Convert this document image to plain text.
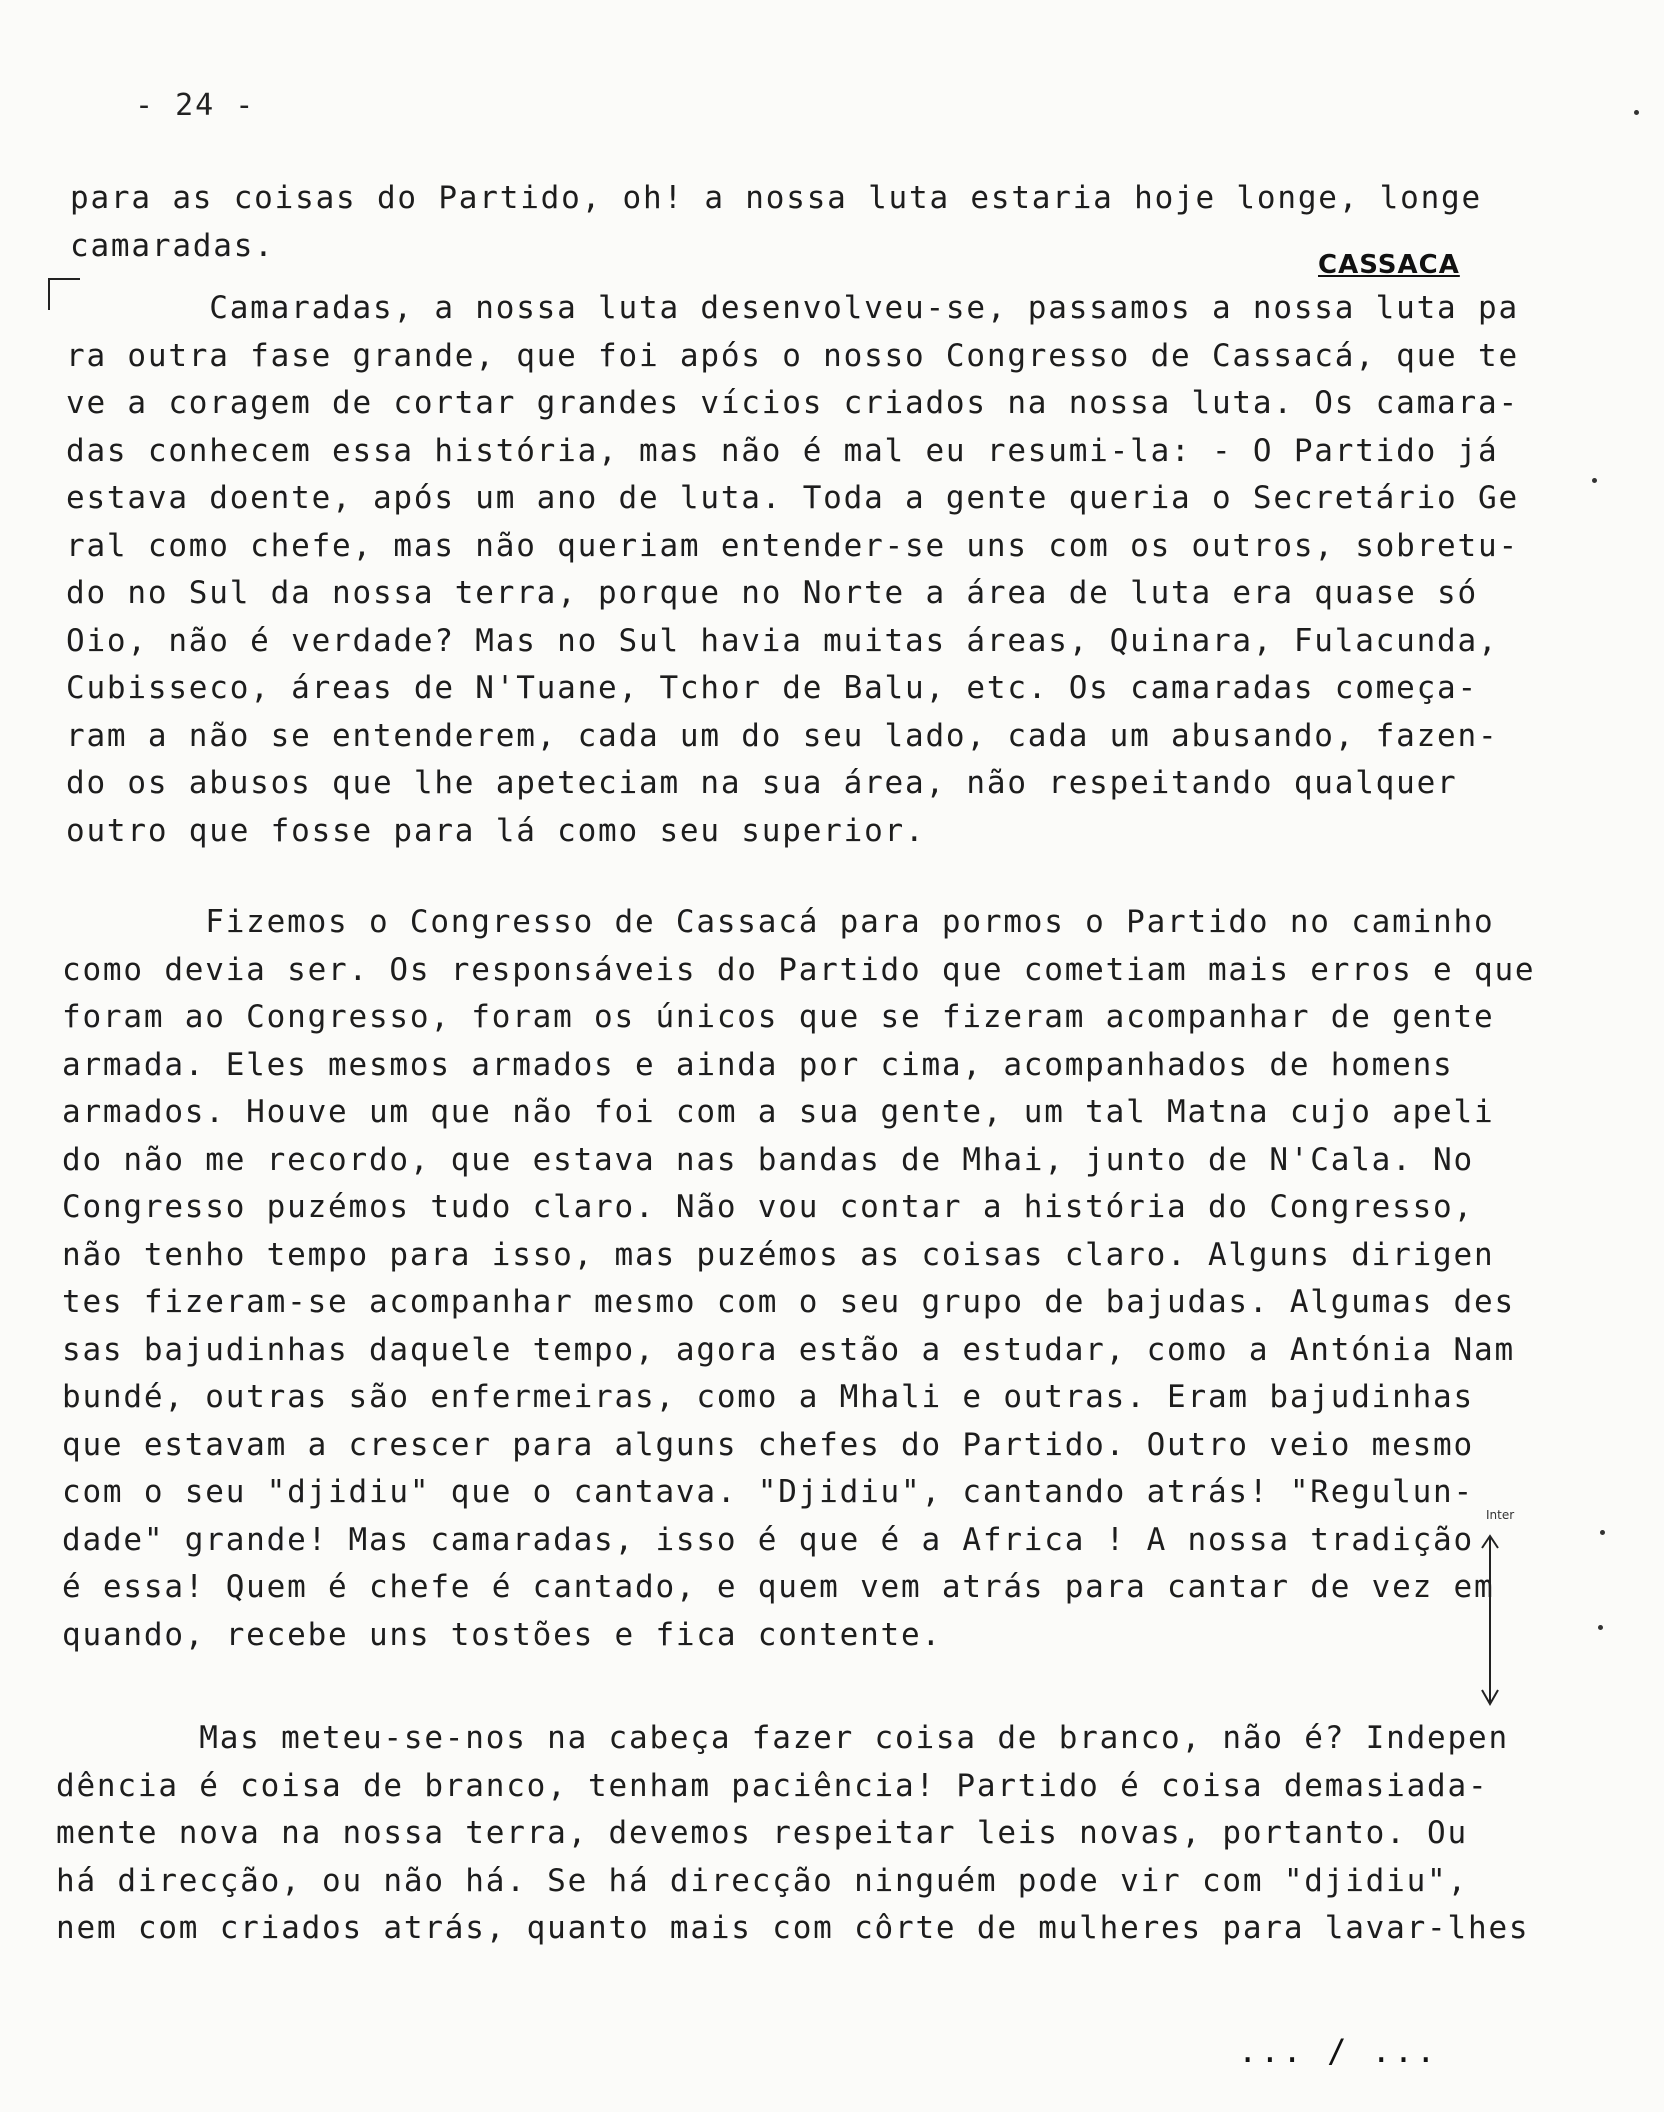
- 24 -
CASSACA
para as coisas do Partido, oh! a nossa luta estaria hoje longe, longe
camaradas.
Camaradas, a nossa luta desenvolveu-se, passamos a nossa luta pa
ra outra fase grande, que foi após o nosso Congresso de Cassacá, que te
ve a coragem de cortar grandes vícios criados na nossa luta. Os camara-
das conhecem essa história, mas não é mal eu resumi-la: - O Partido já
estava doente, após um ano de luta. Toda a gente queria o Secretário Ge
ral como chefe, mas não queriam entender-se uns com os outros, sobretu-
do no Sul da nossa terra, porque no Norte a área de luta era quase só
Oio, não é verdade? Mas no Sul havia muitas áreas, Quinara, Fulacunda,
Cubisseco, áreas de N'Tuane, Tchor de Balu, etc. Os camaradas começa-
ram a não se entenderem, cada um do seu lado, cada um abusando, fazen-
do os abusos que lhe apeteciam na sua área, não respeitando qualquer
outro que fosse para lá como seu superior.
Fizemos o Congresso de Cassacá para pormos o Partido no caminho
como devia ser. Os responsáveis do Partido que cometiam mais erros e que
foram ao Congresso, foram os únicos que se fizeram acompanhar de gente
armada. Eles mesmos armados e ainda por cima, acompanhados de homens
armados. Houve um que não foi com a sua gente, um tal Matna cujo apeli
do não me recordo, que estava nas bandas de Mhai, junto de N'Cala. No
Congresso puzémos tudo claro. Não vou contar a história do Congresso,
não tenho tempo para isso, mas puzémos as coisas claro. Alguns dirigen
tes fizeram-se acompanhar mesmo com o seu grupo de bajudas. Algumas des
sas bajudinhas daquele tempo, agora estão a estudar, como a Antónia Nam
bundé, outras são enfermeiras, como a Mhali e outras. Eram bajudinhas
que estavam a crescer para alguns chefes do Partido. Outro veio mesmo
com o seu "djidiu" que o cantava. "Djidiu", cantando atrás! "Regulun-
dade" grande! Mas camaradas, isso é que é a Africa ! A nossa tradição
é essa! Quem é chefe é cantado, e quem vem atrás para cantar de vez em
quando, recebe uns tostões e fica contente.
Mas meteu-se-nos na cabeça fazer coisa de branco, não é? Indepen
dência é coisa de branco, tenham paciência! Partido é coisa demasiada-
mente nova na nossa terra, devemos respeitar leis novas, portanto. Ou
há direcção, ou não há. Se há direcção ninguém pode vir com "djidiu",
nem com criados atrás, quanto mais com côrte de mulheres para lavar-lhes
Inter
... / ...
